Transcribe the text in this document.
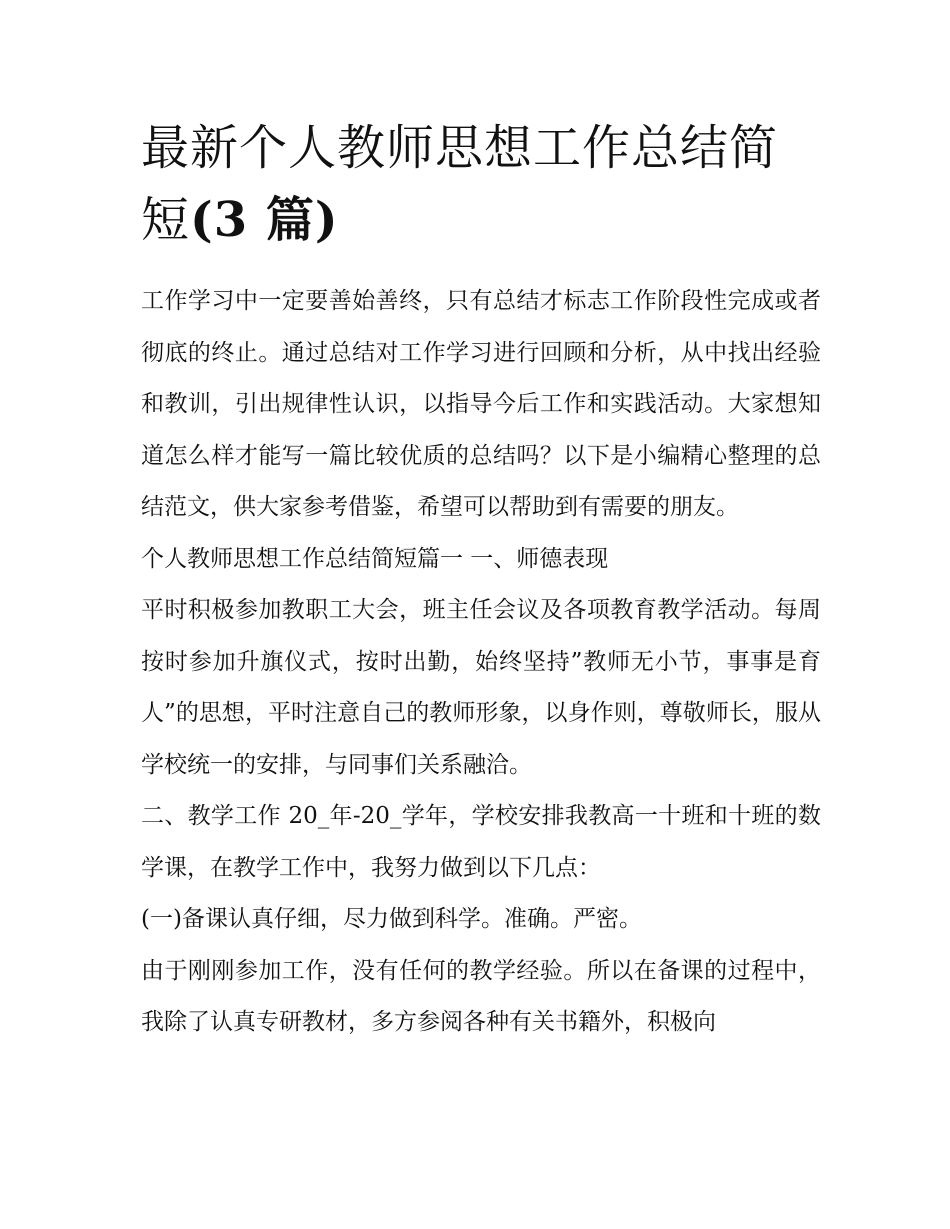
最新个人教师思想工作总结简短(3 篇)

工作学习中一定要善始善终，只有总结才标志工作阶段性完成或者彻底的终止。通过总结对工作学习进行回顾和分析，从中找出经验和教训，引出规律性认识，以指导今后工作和实践活动。大家想知道怎么样才能写一篇比较优质的总结吗？以下是小编精心整理的总结范文，供大家参考借鉴，希望可以帮助到有需要的朋友。

个人教师思想工作总结简短篇一 一、师德表现

平时积极参加教职工大会，班主任会议及各项教育教学活动。每周按时参加升旗仪式，按时出勤，始终坚持”教师无小节，事事是育人”的思想，平时注意自己的教师形象，以身作则，尊敬师长，服从学校统一的安排，与同事们关系融洽。

二、教学工作 20_年-20_学年，学校安排我教高一十班和十班的数学课，在教学工作中，我努力做到以下几点：

(一)备课认真仔细，尽力做到科学。准确。严密。

由于刚刚参加工作，没有任何的教学经验。所以在备课的过程中，我除了认真专研教材，多方参阅各种有关书籍外，积极向
